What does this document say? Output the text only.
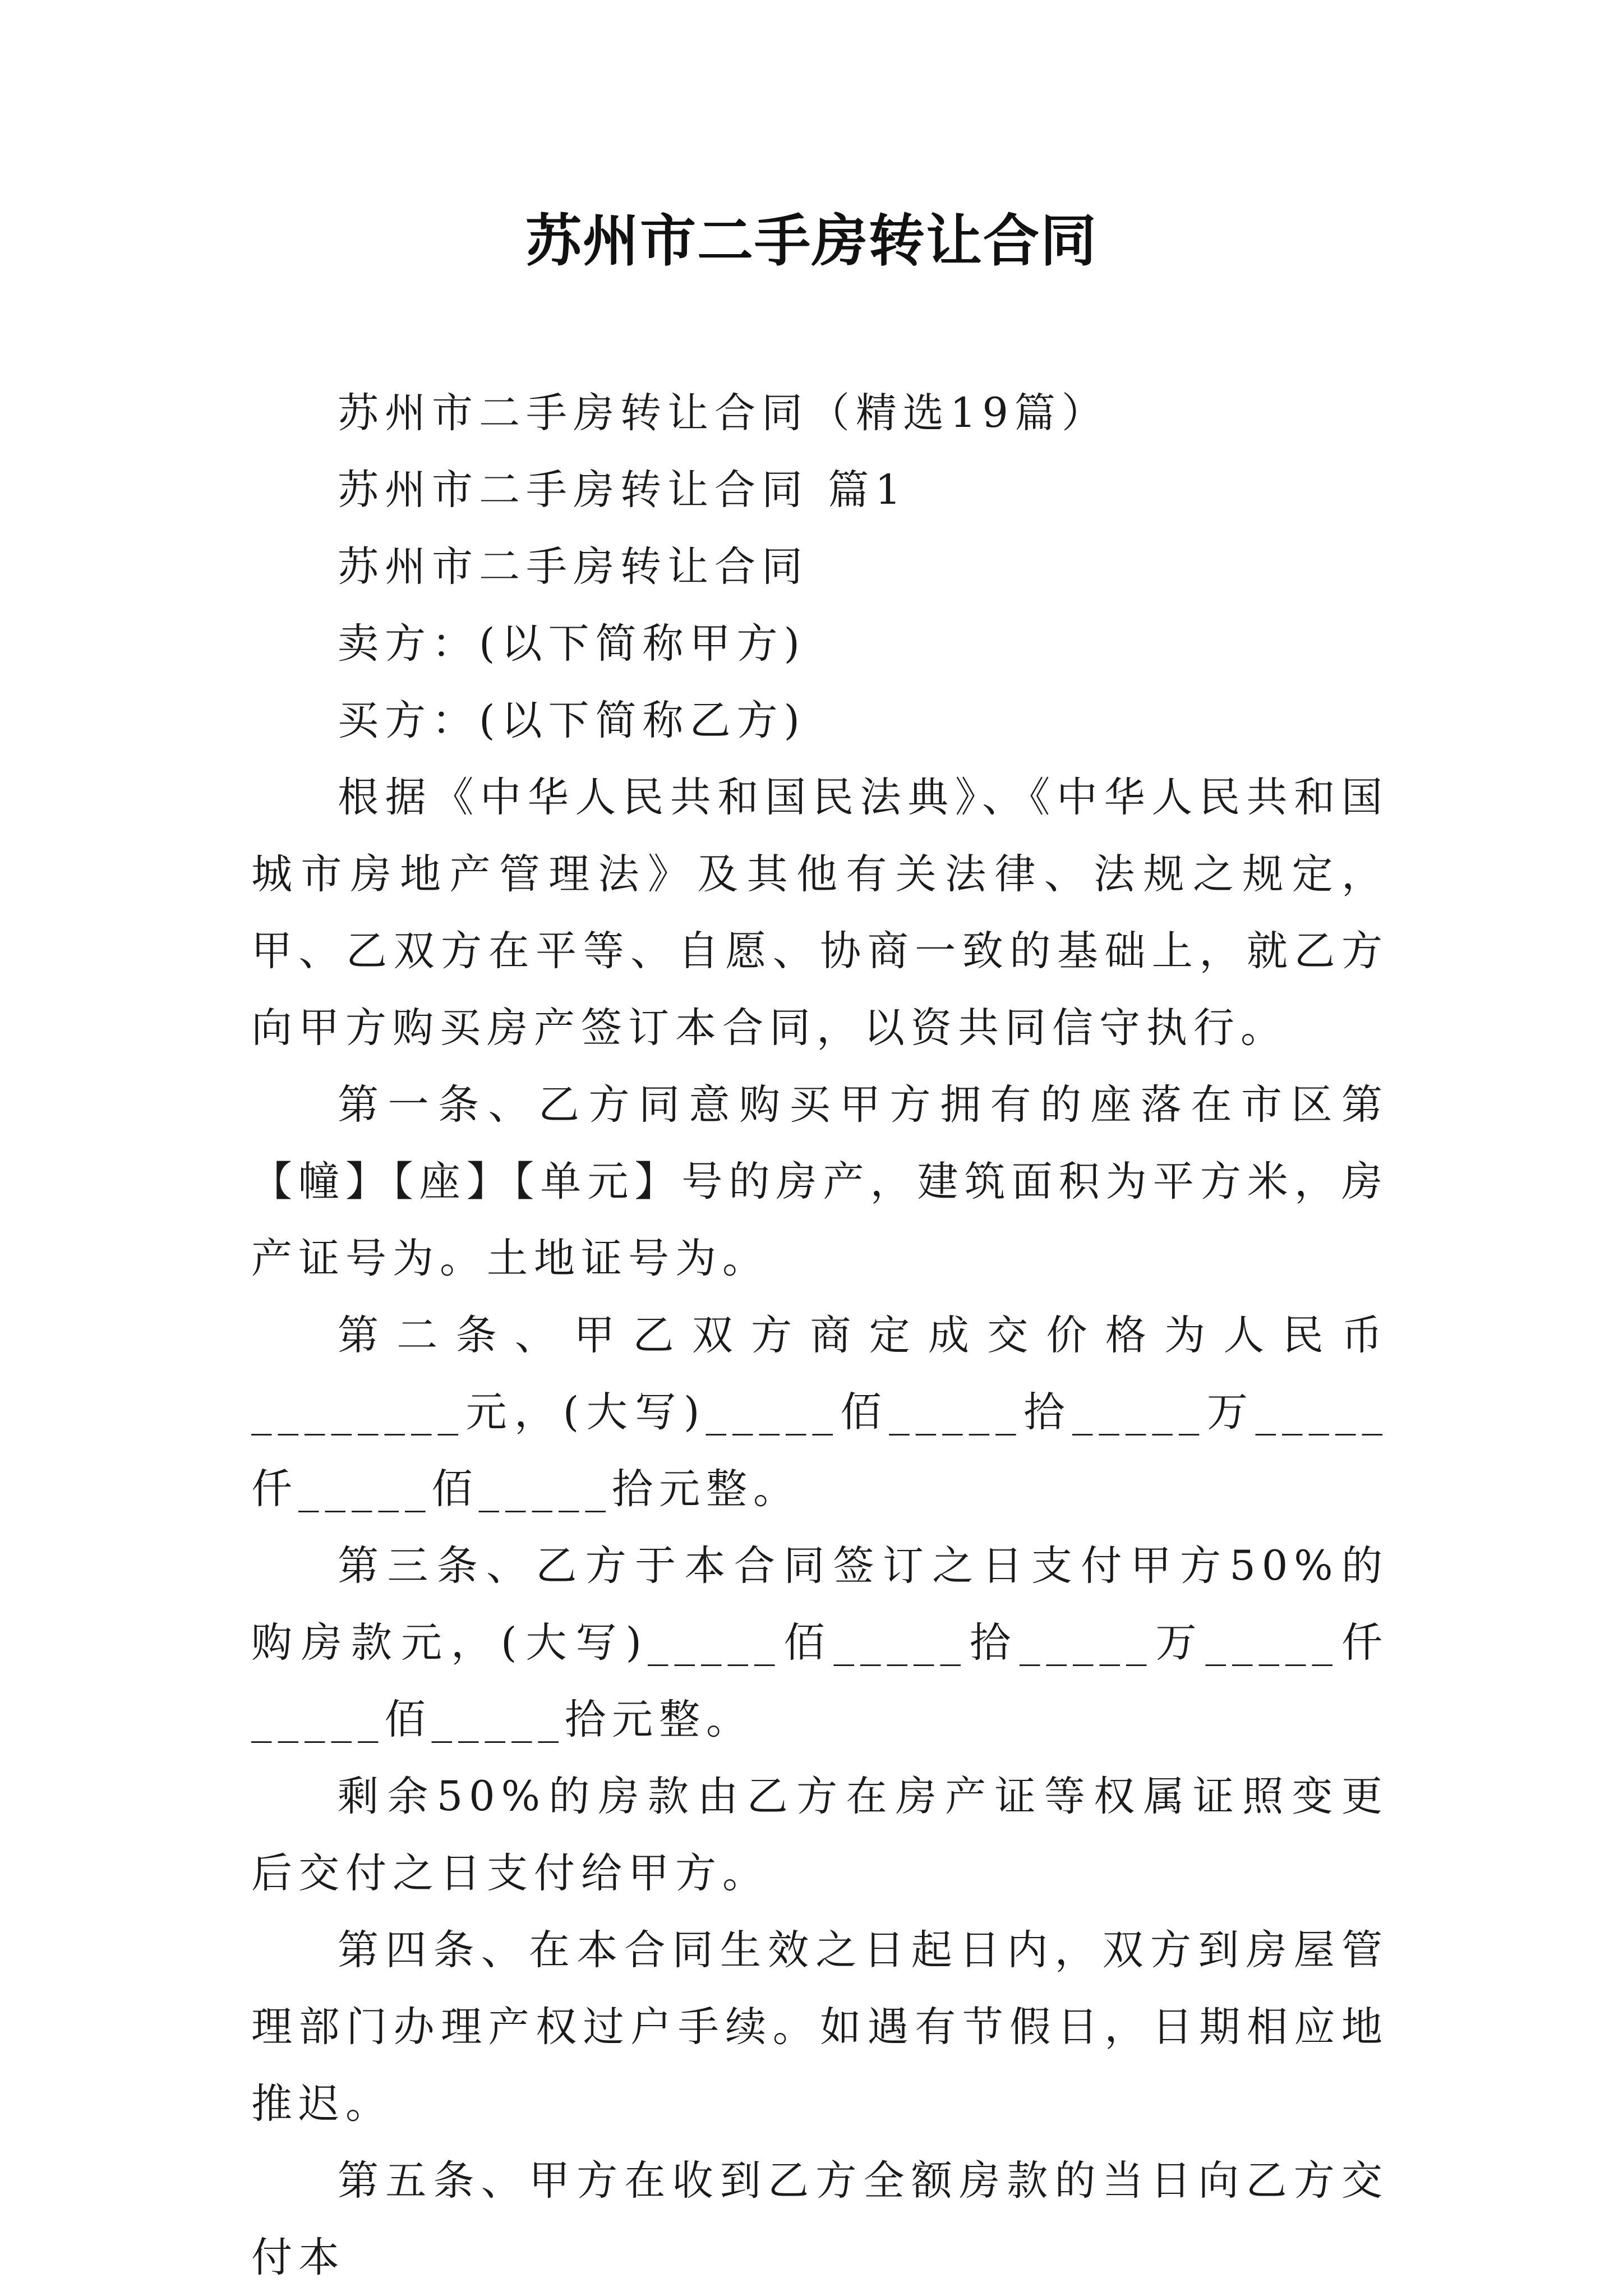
苏州市二手房转让合同

苏州市二手房转让合同（精选19篇）

苏州市二手房转让合同 篇1

苏州市二手房转让合同

卖方：(以下简称甲方)

买方：(以下简称乙方)

根据《中华人民共和国民法典》、《中华人民共和国城市房地产管理法》及其他有关法律、法规之规定，甲、乙双方在平等、自愿、协商一致的基础上，就乙方向甲方购买房产签订本合同，以资共同信守执行。

第一条、乙方同意购买甲方拥有的座落在市区第【幢】【座】【单元】号的房产，建筑面积为平方米，房产证号为。土地证号为。

第二条、甲乙双方商定成交价格为人民币________元，(大写)_____佰_____拾_____万_____仟_____佰_____拾元整。

第三条、乙方于本合同签订之日支付甲方50%的购房款元，(大写)_____佰_____拾_____万_____仟_____佰_____拾元整。

剩余50%的房款由乙方在房产证等权属证照变更后交付之日支付给甲方。

第四条、在本合同生效之日起日内，双方到房屋管理部门办理产权过户手续。如遇有节假日，日期相应地推迟。

第五条、甲方在收到乙方全额房款的当日向乙方交付本
